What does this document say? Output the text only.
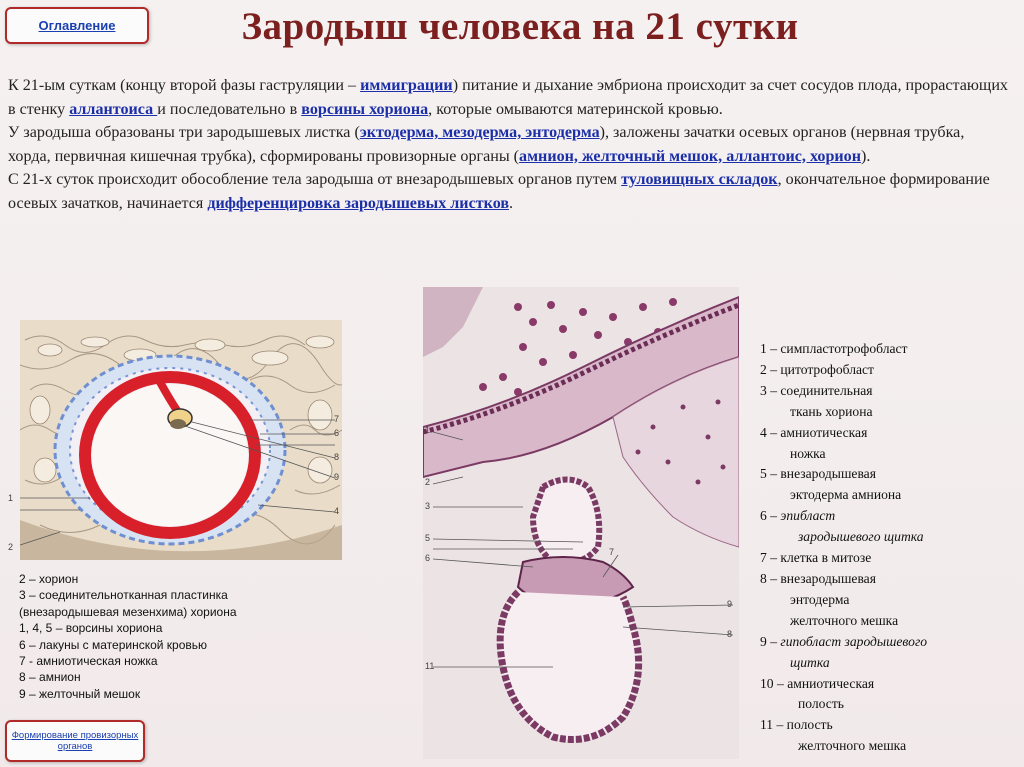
Оглавление	Зародыш человека на 21 сутки

К 21-ым суткам (концу второй фазы гаструляции – иммиграции) питание и дыхание эмбриона происходит за счет сосудов плода, прорастающих в стенку аллантоиса и последовательно в ворсины хориона, которые омываются материнской кровью.

У зародыша образованы три зародышевых листка (эктодерма, мезодерма, энтодерма), заложены зачатки осевых органов (нервная трубка, хорда, первичная кишечная трубка), сформированы провизорные органы (амнион, желточный мешок, аллантоис, хорион).

С 21-х суток происходит обособление тела зародыша от внезародышевых органов путем туловищных складок, окончательное формирование осевых зачатков, начинается дифференцировка зародышевых листков.

7
6
8
9
4
1
2
2 – хорион
3 – соединительнотканная пластинка
(внезародышевая мезенхима) хориона
1, 4, 5 – ворсины хориона
6 – лакуны с материнской кровью
7 - амниотическая ножка
8 – амнион
9 – желточный мешок
1
2
3
5
6
7
9
8
11
1 – симпластотрофобласт
2 – цитотрофобласт
3 – соединительная
ткань хориона
4 – амниотическая
ножка
5 – внезародышевая
эктодерма амниона
6 – эпибласт
зародышевого щитка
7 – клетка в митозе
8 – внезародышевая
энтодерма
желточного мешка
9 – гипобласт зародышевого
щитка
10 – амниотическая
полость
11 – полость
желточного мешка
Формирование провизорных органов
